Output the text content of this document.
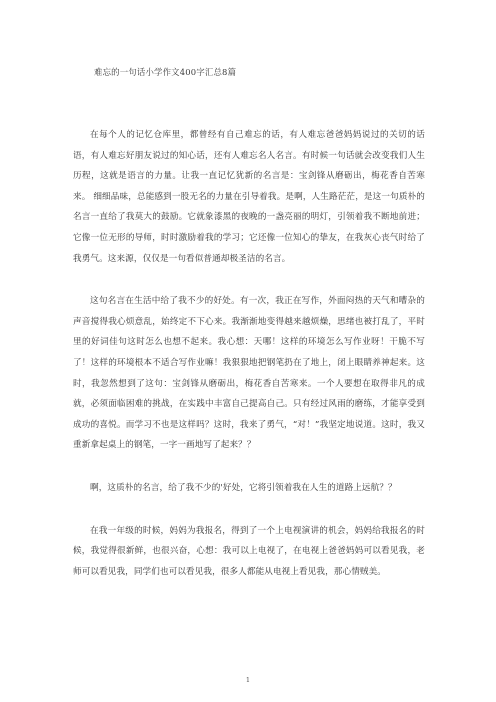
难忘的一句话小学作文400字汇总8篇

在每个人的记忆仓库里，都曾经有自己难忘的话，有人难忘爸爸妈妈说过的关切的话语，有人难忘好朋友说过的知心话，还有人难忘名人名言。有时候一句话就会改变我们人生历程，这就是语言的力量。让我一直记忆犹新的名言是：宝剑锋从磨砺出，梅花香自苦寒来。 细细品味，总能感到一股无名的力量在引导着我。是啊，人生路茫茫，是这一句质朴的名言一直给了我莫大的鼓励。它就象漆黑的夜晚的一盏亮丽的明灯，引领着我不断地前进；它像一位无形的导师，时时激励着我的学习；它还像一位知心的挚友，在我灰心丧气时给了我勇气。这来源，仅仅是一句看似普通却极圣洁的名言。

这句名言在生活中给了我不少的好处。有一次，我正在写作，外面闷热的天气和嘈杂的声音搅得我心烦意乱，始终定不下心来。我渐渐地变得越来越烦燥，思绪也被打乱了，平时里的好词佳句这时怎么也想不起来。我心想：天哪！这样的环境怎么写作业呀！干脆不写了！这样的环境根本不适合写作业嘛！我狠狠地把钢笔扔在了地上，闭上眼睛养神起来。这时，我忽然想到了这句：宝剑锋从磨砺出，梅花香自苦寒来。一个人要想在取得非凡的成就，必须面临困难的挑战，在实践中丰富自己提高自己。只有经过风雨的磨练，才能享受到成功的喜悦。而学习不也是这样吗？这时，我来了勇气，“对！”我坚定地说道。这时，我又重新拿起桌上的钢笔，一字一画地写了起来？？

啊，这质朴的名言，给了我不少的'好处，它将引领着我在人生的道路上远航？？

在我一年级的时候，妈妈为我报名，得到了一个上电视演讲的机会，妈妈给我报名的时候，我觉得很新鲜，也很兴奋，心想：我可以上电视了，在电视上爸爸妈妈可以看见我，老师可以看见我，同学们也可以看见我，很多人都能从电视上看见我，那心情贼美。

1
